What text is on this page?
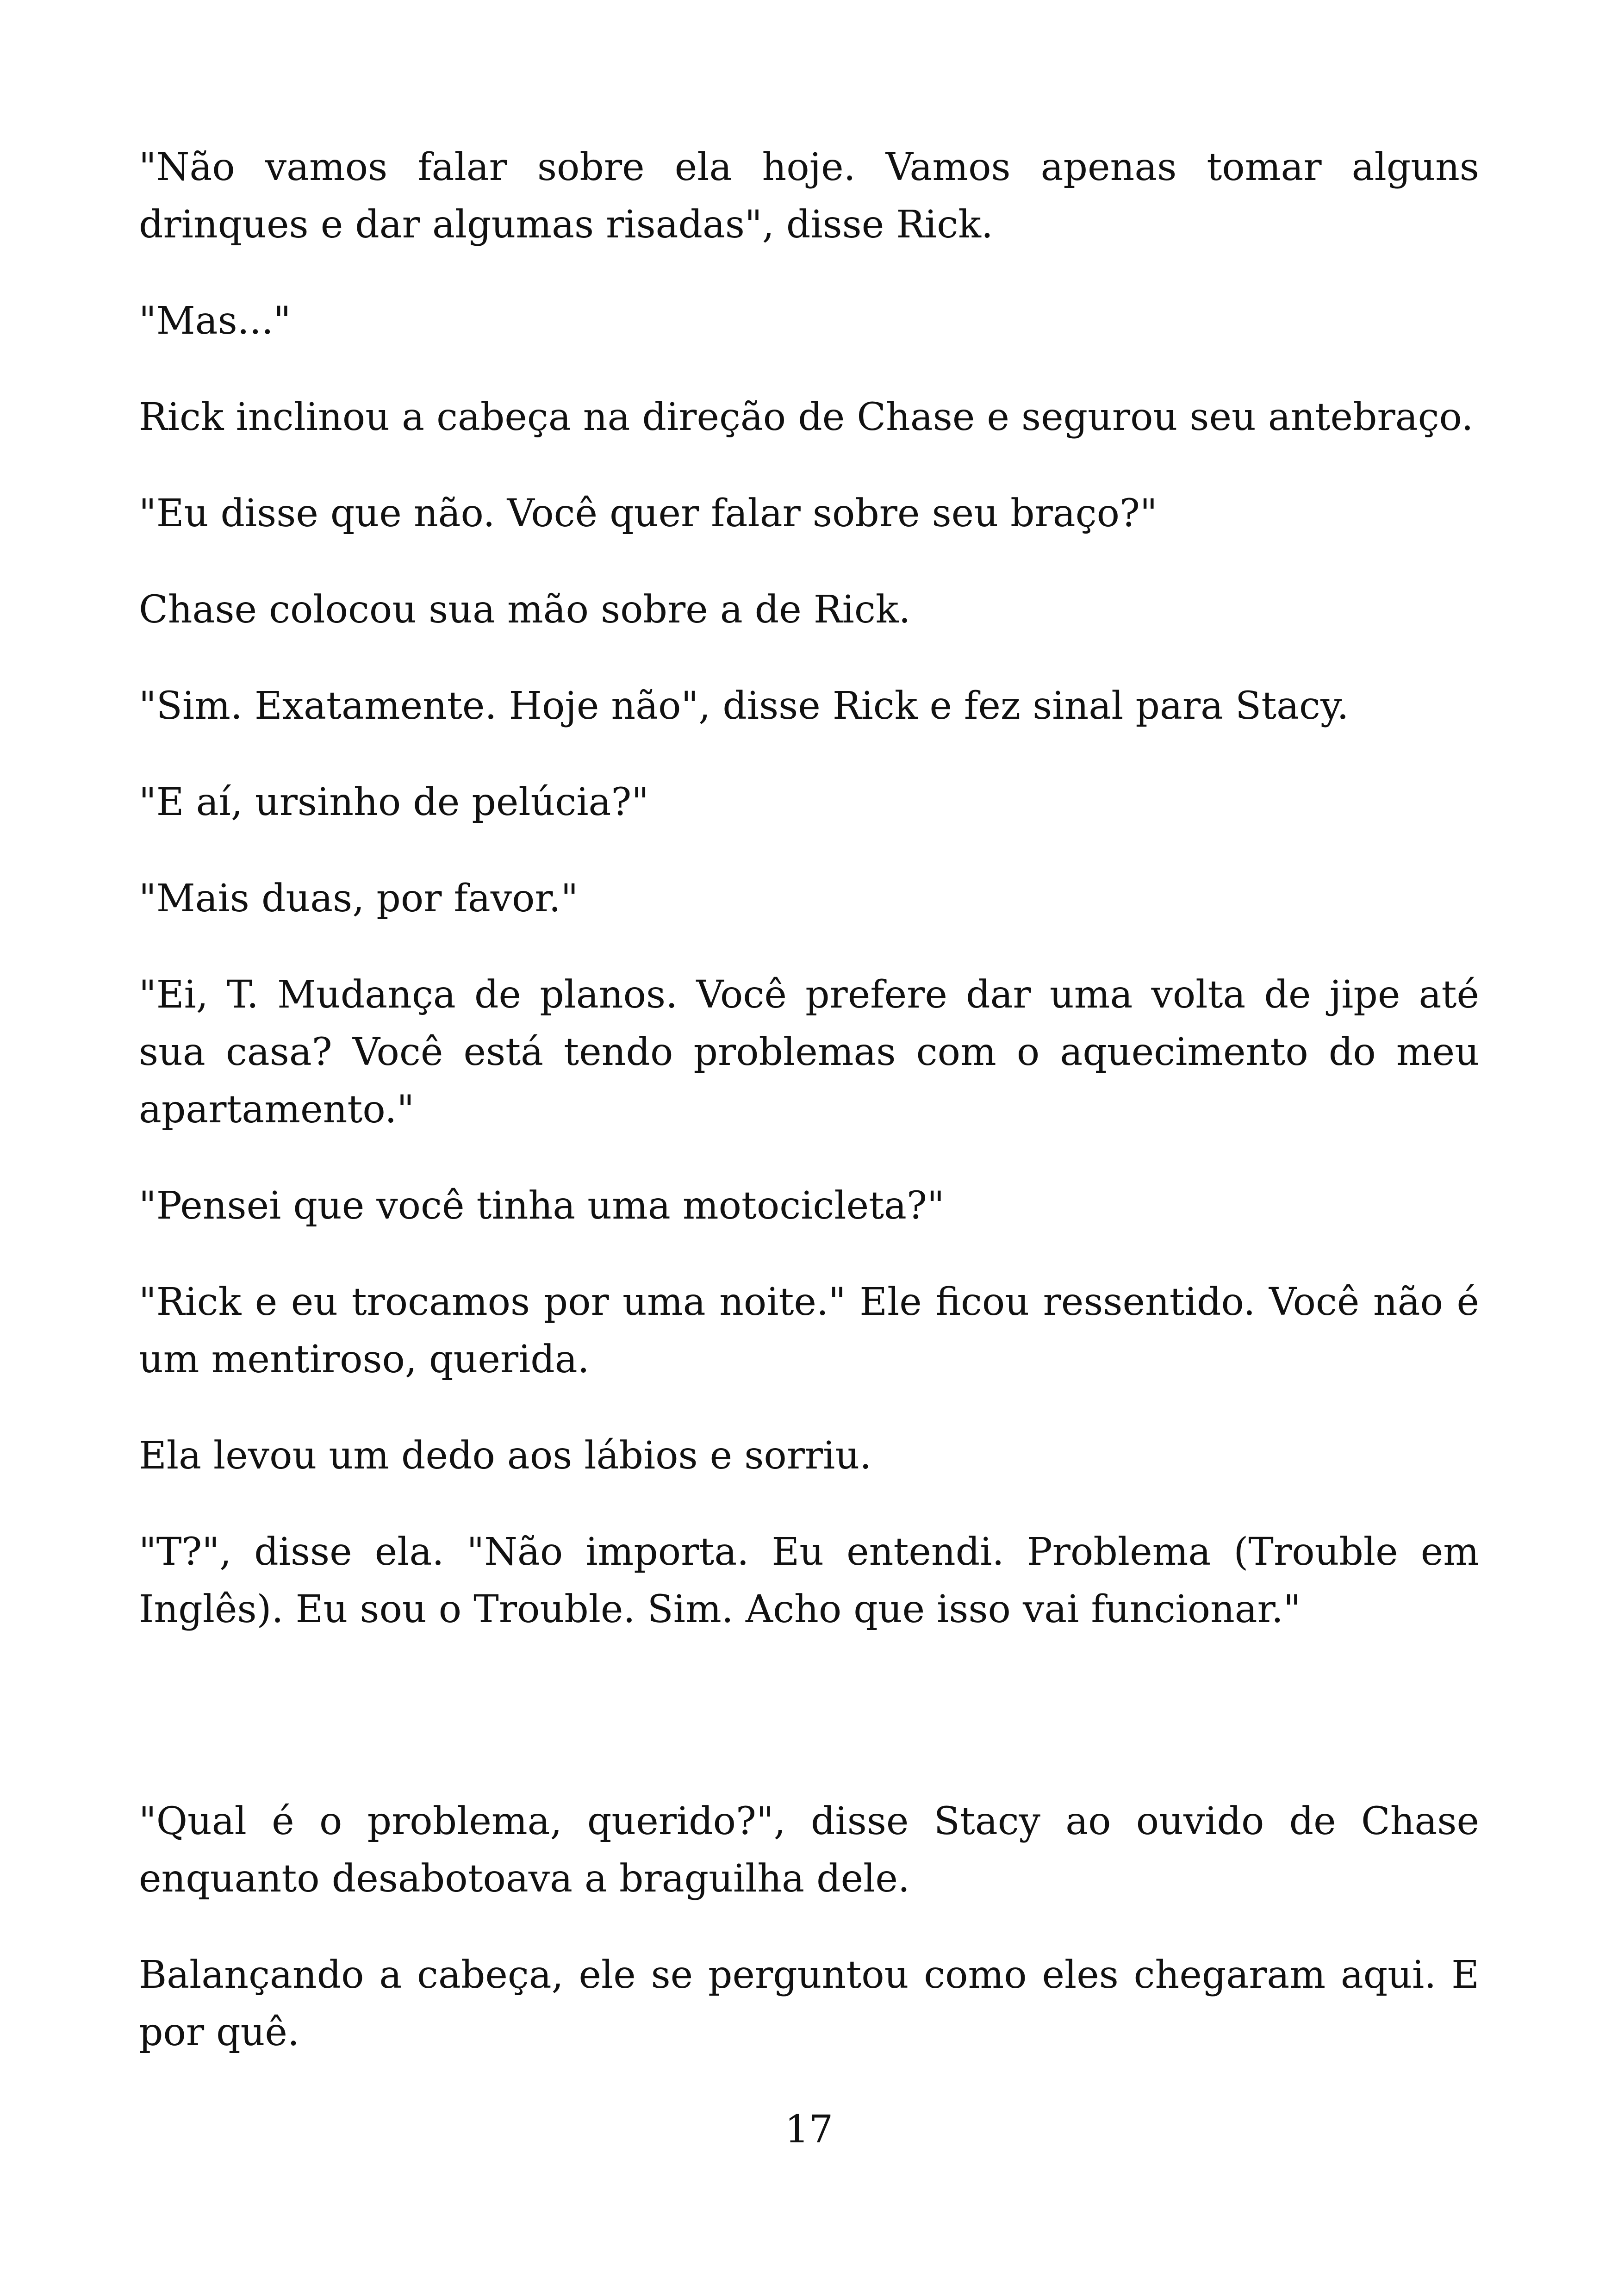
"Não vamos falar sobre ela hoje. Vamos apenas tomar alguns drinques e dar algumas risadas", disse Rick.

"Mas..."

Rick inclinou a cabeça na direção de Chase e segurou seu antebraço.

"Eu disse que não. Você quer falar sobre seu braço?"

Chase colocou sua mão sobre a de Rick.

"Sim. Exatamente. Hoje não", disse Rick e fez sinal para Stacy.

"E aí, ursinho de pelúcia?"

"Mais duas, por favor."

"Ei, T. Mudança de planos. Você prefere dar uma volta de jipe até sua casa? Você está tendo problemas com o aquecimento do meu apartamento."

"Pensei que você tinha uma motocicleta?"

"Rick e eu trocamos por uma noite." Ele ficou ressentido. Você não é um mentiroso, querida.

Ela levou um dedo aos lábios e sorriu.

"T?", disse ela. "Não importa. Eu entendi. Problema (Trouble em Inglês). Eu sou o Trouble. Sim. Acho que isso vai funcionar."

"Qual é o problema, querido?", disse Stacy ao ouvido de Chase enquanto desabotoava a braguilha dele.

Balançando a cabeça, ele se perguntou como eles chegaram aqui. E por quê.

17
